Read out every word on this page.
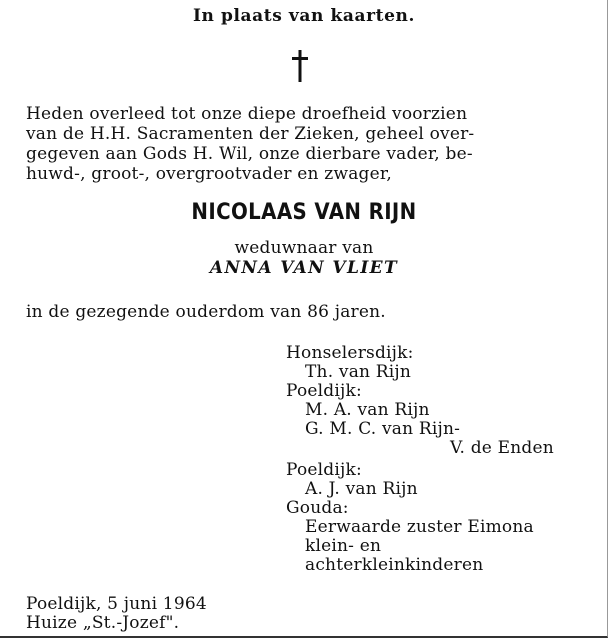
In plaats van kaarten.
Heden overleed tot onze diepe droefheid voorzien
van de H.H. Sacramenten der Zieken, geheel over-
gegeven aan Gods H. Wil, onze dierbare vader, be-
huwd-, groot-, overgrootvader en zwager,
NICOLAAS VAN RIJN
weduwnaar van
ANNA VAN VLIET
in de gezegende ouderdom van 86 jaren.
Honselersdijk:
Th. van Rijn
Poeldijk:
M. A. van Rijn
G. M. C. van Rijn-
V. de Enden
Poeldijk:
A. J. van Rijn
Gouda:
Eerwaarde zuster Eimona
klein- en
achterkleinkinderen
Poeldijk, 5 juni 1964
Huize „St.-Jozef".
